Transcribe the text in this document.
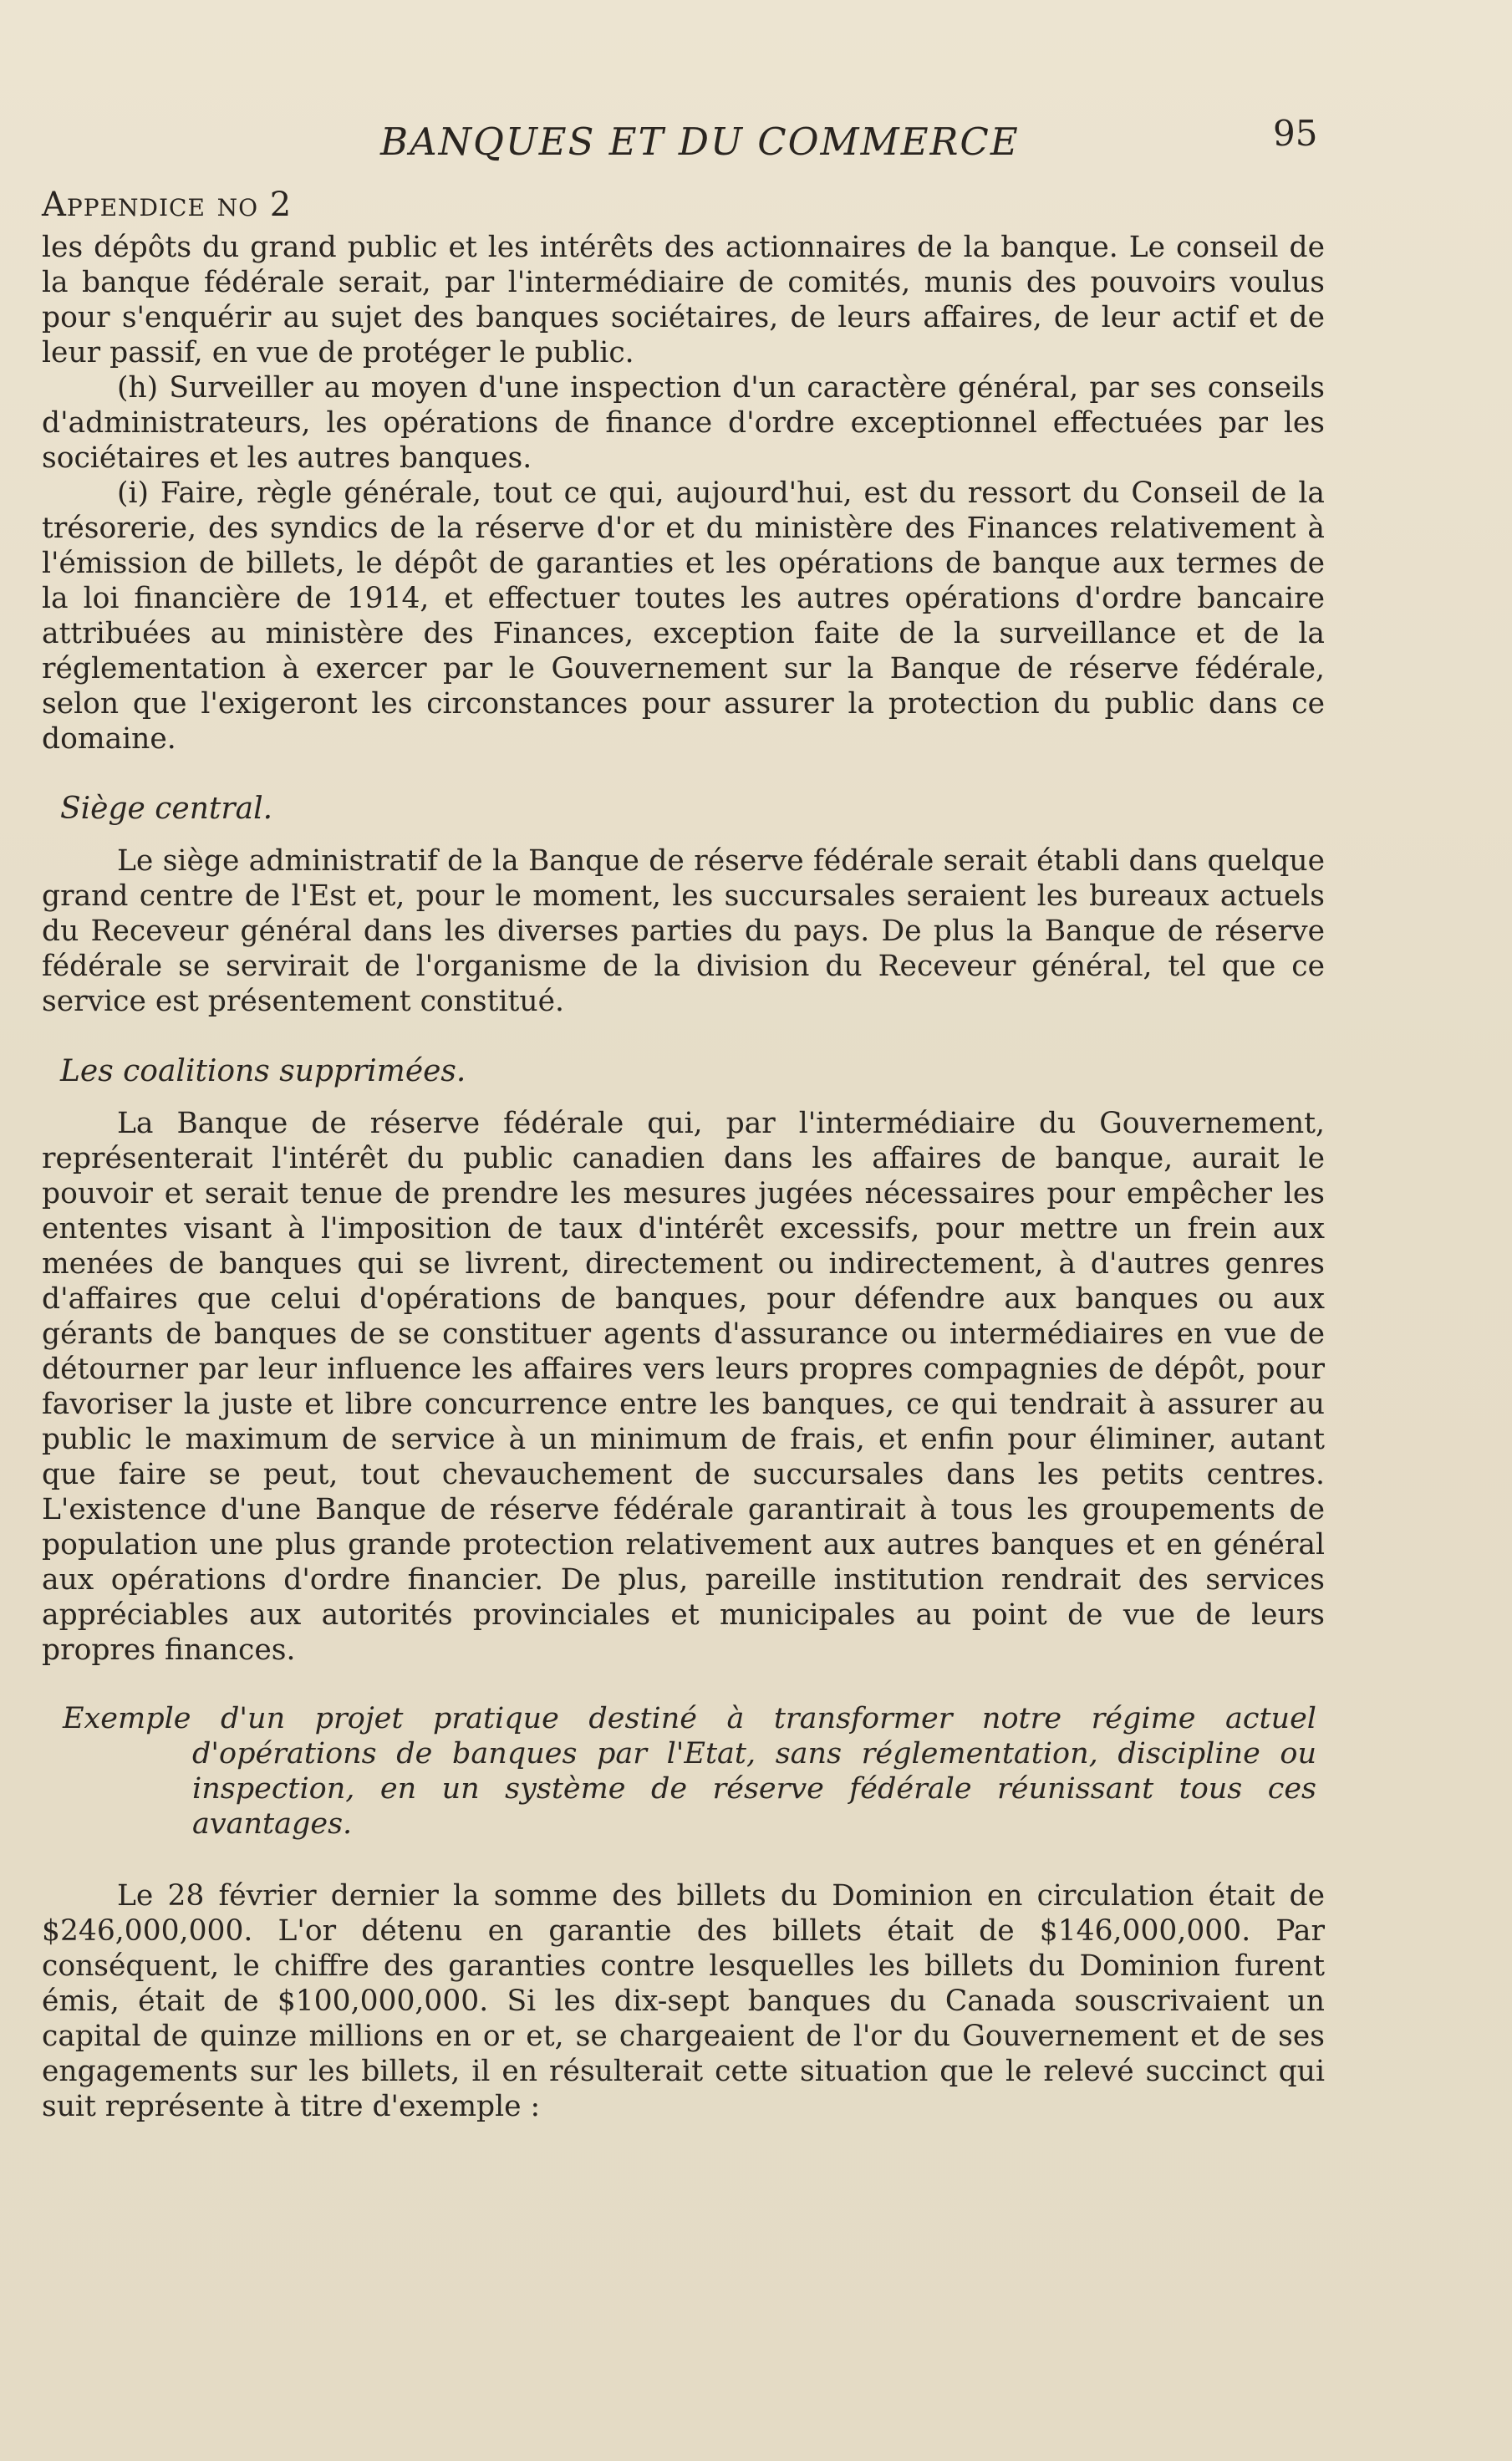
BANQUES ET DU COMMERCE	95
Appendice no 2

les dépôts du grand public et les intérêts des actionnaires de la banque. Le conseil de la banque fédérale serait, par l'intermédiaire de comités, munis des pouvoirs voulus pour s'enquérir au sujet des banques sociétaires, de leurs affaires, de leur actif et de leur passif, en vue de protéger le public.

(h) Surveiller au moyen d'une inspection d'un caractère général, par ses conseils d'administrateurs, les opérations de finance d'ordre exceptionnel effectuées par les sociétaires et les autres banques.

(i) Faire, règle générale, tout ce qui, aujourd'hui, est du ressort du Conseil de la trésorerie, des syndics de la réserve d'or et du ministère des Finances relativement à l'émission de billets, le dépôt de garanties et les opérations de banque aux termes de la loi financière de 1914, et effectuer toutes les autres opérations d'ordre bancaire attribuées au ministère des Finances, exception faite de la surveillance et de la réglementation à exercer par le Gouvernement sur la Banque de réserve fédérale, selon que l'exigeront les circonstances pour assurer la protection du public dans ce domaine.

Siège central.

Le siège administratif de la Banque de réserve fédérale serait établi dans quelque grand centre de l'Est et, pour le moment, les succursales seraient les bureaux actuels du Receveur général dans les diverses parties du pays. De plus la Banque de réserve fédérale se servirait de l'organisme de la division du Receveur général, tel que ce service est présentement constitué.

Les coalitions supprimées.

La Banque de réserve fédérale qui, par l'intermédiaire du Gouvernement, représenterait l'intérêt du public canadien dans les affaires de banque, aurait le pouvoir et serait tenue de prendre les mesures jugées nécessaires pour empêcher les ententes visant à l'imposition de taux d'intérêt excessifs, pour mettre un frein aux menées de banques qui se livrent, directement ou indirectement, à d'autres genres d'affaires que celui d'opérations de banques, pour défendre aux banques ou aux gérants de banques de se constituer agents d'assurance ou intermédiaires en vue de détourner par leur influence les affaires vers leurs propres compagnies de dépôt, pour favoriser la juste et libre concurrence entre les banques, ce qui tendrait à assurer au public le maximum de service à un minimum de frais, et enfin pour éliminer, autant que faire se peut, tout chevauchement de succursales dans les petits centres. L'existence d'une Banque de réserve fédérale garantirait à tous les groupements de population une plus grande protection relativement aux autres banques et en général aux opérations d'ordre financier. De plus, pareille institution rendrait des services appréciables aux autorités provinciales et municipales au point de vue de leurs propres finances.

Exemple d'un projet pratique destiné à transformer notre régime actuel d'opérations de banques par l'Etat, sans réglementation, discipline ou inspection, en un système de réserve fédérale réunissant tous ces avantages.

Le 28 février dernier la somme des billets du Dominion en circulation était de $246,000,000. L'or détenu en garantie des billets était de $146,000,000. Par conséquent, le chiffre des garanties contre lesquelles les billets du Dominion furent émis, était de $100,000,000. Si les dix-sept banques du Canada souscrivaient un capital de quinze millions en or et, se chargeaient de l'or du Gouvernement et de ses engagements sur les billets, il en résulterait cette situation que le relevé succinct qui suit représente à titre d'exemple :
